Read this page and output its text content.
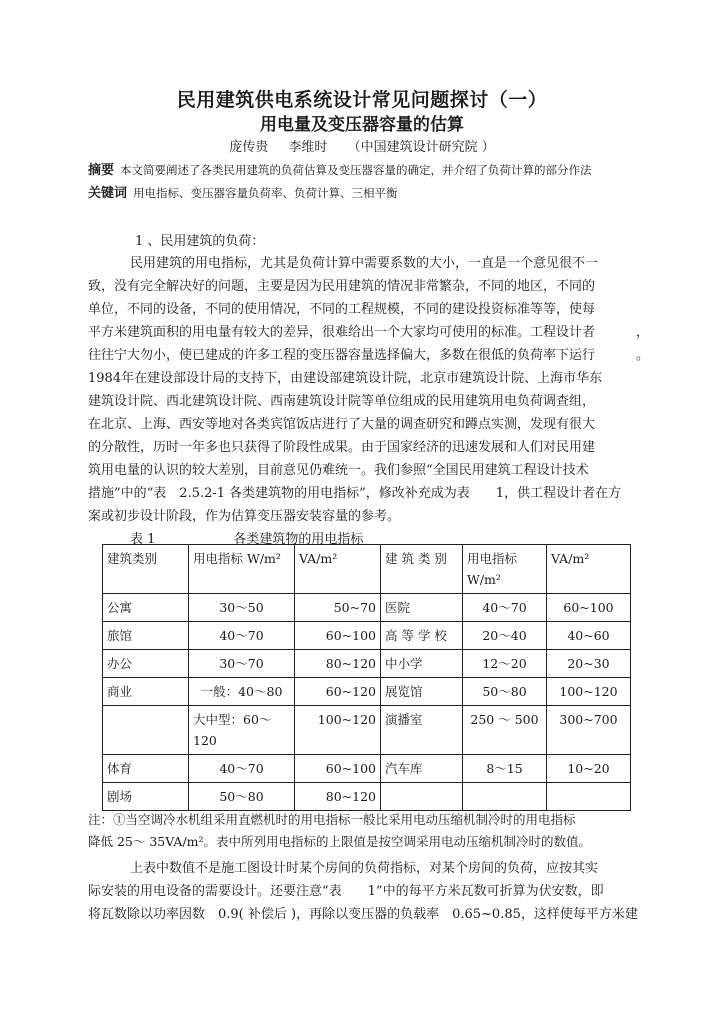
民用建筑供电系统设计常见问题探讨（一）
用电量及变压器容量的估算
庞传贵 李维时 （中国建筑设计研究院 ）
摘要 本文简要阐述了各类民用建筑的负荷估算及变压器容量的确定，并介绍了负荷计算的部分作法
关键词 用电指标、变压器容量负荷率、负荷计算、三相平衡
1 、民用建筑的负荷：
民用建筑的用电指标，尤其是负荷计算中需要系数的大小，一直是一个意见很不一
致，没有完全解决好的问题，主要是因为民用建筑的情况非常繁杂，不同的地区，不同的
单位，不同的设备，不同的使用情况，不同的工程规模，不同的建设投资标准等等，使每
平方米建筑面积的用电量有较大的差异，很难给出一个大家均可使用的标准。工程设计者
往往宁大勿小，使已建成的许多工程的变压器容量选择偏大，多数在很低的负荷率下运行
1984年在建设部设计局的支持下，由建设部建筑设计院，北京市建筑设计院、上海市华东
建筑设计院、西北建筑设计院、西南建筑设计院等单位组成的民用建筑用电负荷调查组，
在北京、上海、西安等地对各类宾馆饭店进行了大量的调查研究和蹲点实测，发现有很大
的分散性，历时一年多也只获得了阶段性成果。由于国家经济的迅速发展和人们对民用建
筑用电量的认识的较大差别，目前意见仍难统一。我们参照“全国民用建筑工程设计技术
措施”中的“表　2.5.2-1 各类建筑物的用电指标”，修改补充成为表　　1，供工程设计者在方
案或初步设计阶段，作为估算变压器安装容量的参考。
，
。
表 1	各类建筑物的用电指标
建筑类别	用电指标 W/m²	VA/m²	建 筑 类 别	用电指标 W/m²	VA/m²
公寓	30～50	50~70	医院	40～70	60~100
旅馆	40～70	60~100	高 等 学 校	20～40	40~60
办公	30～70	80~120	中小学	12～20	20~30
商业	一般：40～80	60~120	展览馆	50～80	100~120
	大中型：60～120	100~120	演播室	250 ～ 500	300~700
体育	40～70	60~100	汽车库	8～15	10~20
剧场	50～80	80~120			
注：①当空调冷水机组采用直燃机时的用电指标一般比采用电动压缩机制冷时的用电指标
降低 25～ 35VA/m²。表中所列用电指标的上限值是按空调采用电动压缩机制冷时的数值。
上表中数值不是施工图设计时某个房间的负荷指标，对某个房间的负荷，应按其实
际安装的用电设备的需要设计。还要注意“表　　1”中的每平方米瓦数可折算为伏安数，即
将瓦数除以功率因数　0.9( 补偿后 )，再除以变压器的负载率　0.65~0.85，这样使每平方米建
